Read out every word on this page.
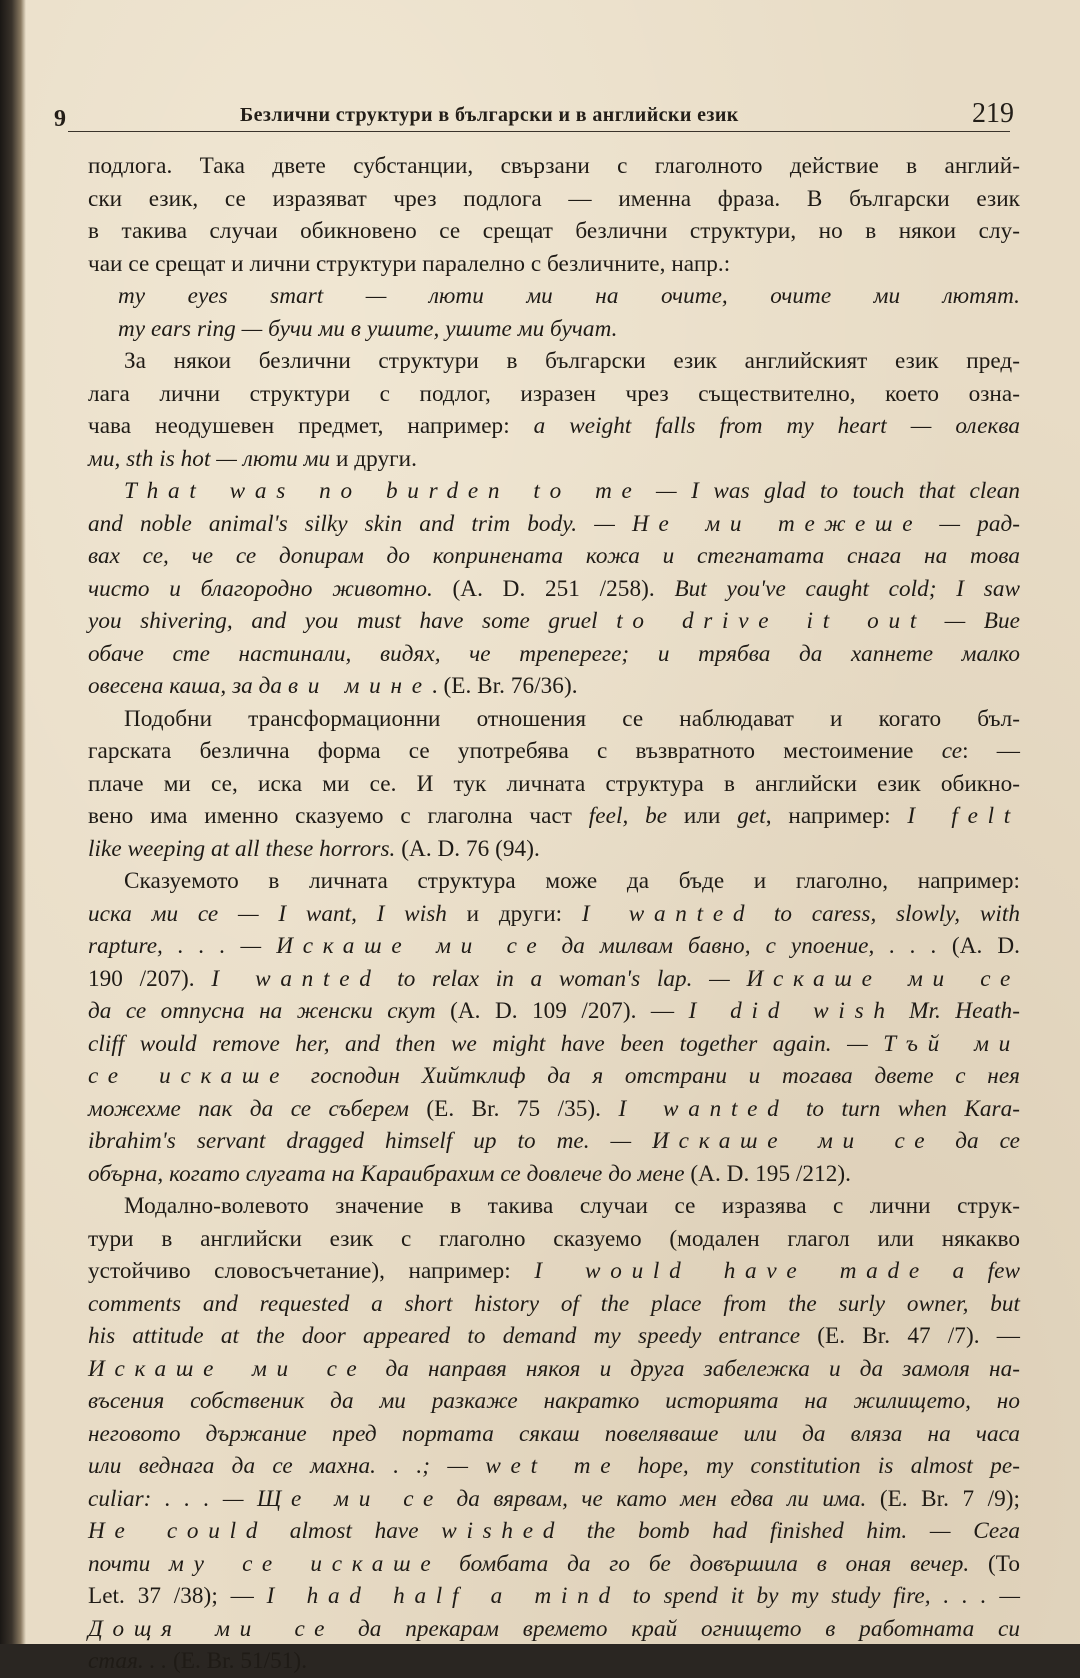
9	Безлични структури в български и в английски език	219
подлога. Така двете субстанции, свързани с глаголното действие в англий-
ски език, се изразяват чрез подлога — именна фраза. В български език
в такива случаи обикновено се срещат безлични структури, но в някои слу-
чаи се срещат и лични структури паралелно с безличните, напр.:
my eyes smart — люти ми на очите, очите ми лютят.
my ears ring — бучи ми в ушите, ушите ми бучат.
За някои безлични структури в български език английският език пред-
лага лични структури с подлог, изразен чрез съществително, което озна-
чава неодушевен предмет, например: a weight falls from my heart — олеква
ми, sth is hot — люти ми и други.
That was no burden to me — I was glad to touch that clean
and noble animal's silky skin and trim body. — Не ми тежеше — рад-
вах се, че се допирам до копринената кожа и стегнатата снага на това
чисто и благородно животно. (A. D. 251 /258). But you've caught cold; I saw
you shivering, and you must have some gruel to drive it out — Вие
обаче сте настинали, видях, че трепереге; и трябва да хапнете малко
овесена каша, за да ви мине. (E. Br. 76/36).
Подобни трансформационни отношения се наблюдават и когато бъл-
гарската безлична форма се употребява с възвратното местоимение се: —
плаче ми се, иска ми се. И тук личната структура в английски език обикно-
вено има именно сказуемо с глаголна част feel, be или get, например: I felt
like weeping at all these horrors. (A. D. 76 (94).
Сказуемото в личната структура може да бъде и глаголно, например:
иска ми се — I want, I wish и други: I wanted to caress, slowly, with
rapture, . . . — Искаше ми се да милвам бавно, с упоение, . . . (A. D.
190 /207). I wanted to relax in a woman's lap. — Искаше ми се
да се отпусна на женски скут (A. D. 109 /207). — I did wish Mr. Heath-
cliff would remove her, and then we might have been together again. — Тъй ми
се искаше господин Хийтклиф да я отстрани и тогава двете с нея
можехме пак да се съберем (E. Br. 75 /35). I wanted to turn when Kara-
ibrahim's servant dragged himself up to me. — Искаше ми се да се
обърна, когато слугата на Караибрахим се довлече до мене (A. D. 195 /212).
Модално-волевото значение в такива случаи се изразява с лични струк-
тури в английски език с глаголно сказуемо (модален глагол или някакво
устойчиво словосъчетание), например: I would have made a few
comments and requested a short history of the place from the surly owner, but
his attitude at the door appeared to demand my speedy entrance (E. Br. 47 /7). —
Искаше ми се да направя някоя и друга забележка и да замоля на-
въсения собственик да ми разкаже накратко историята на жилището, но
неговото държание пред портата сякаш повеляваше или да вляза на часа
или веднага да се махна. . .; — wet me hope, my constitution is almost pe-
culiar: . . . — Ще ми се да вярвам, че като мен едва ли има. (E. Br. 7 /9);
He could almost have wished the bomb had finished him. — Сега
почти му се искаше бомбата да го бе довършила в оная вечер. (To
Let. 37 /38); — I had half a mind to spend it by my study fire, . . . —
Дощя ми се да прекарам времето край огнището в работната си
стая. . . (E. Br. 51/51).
